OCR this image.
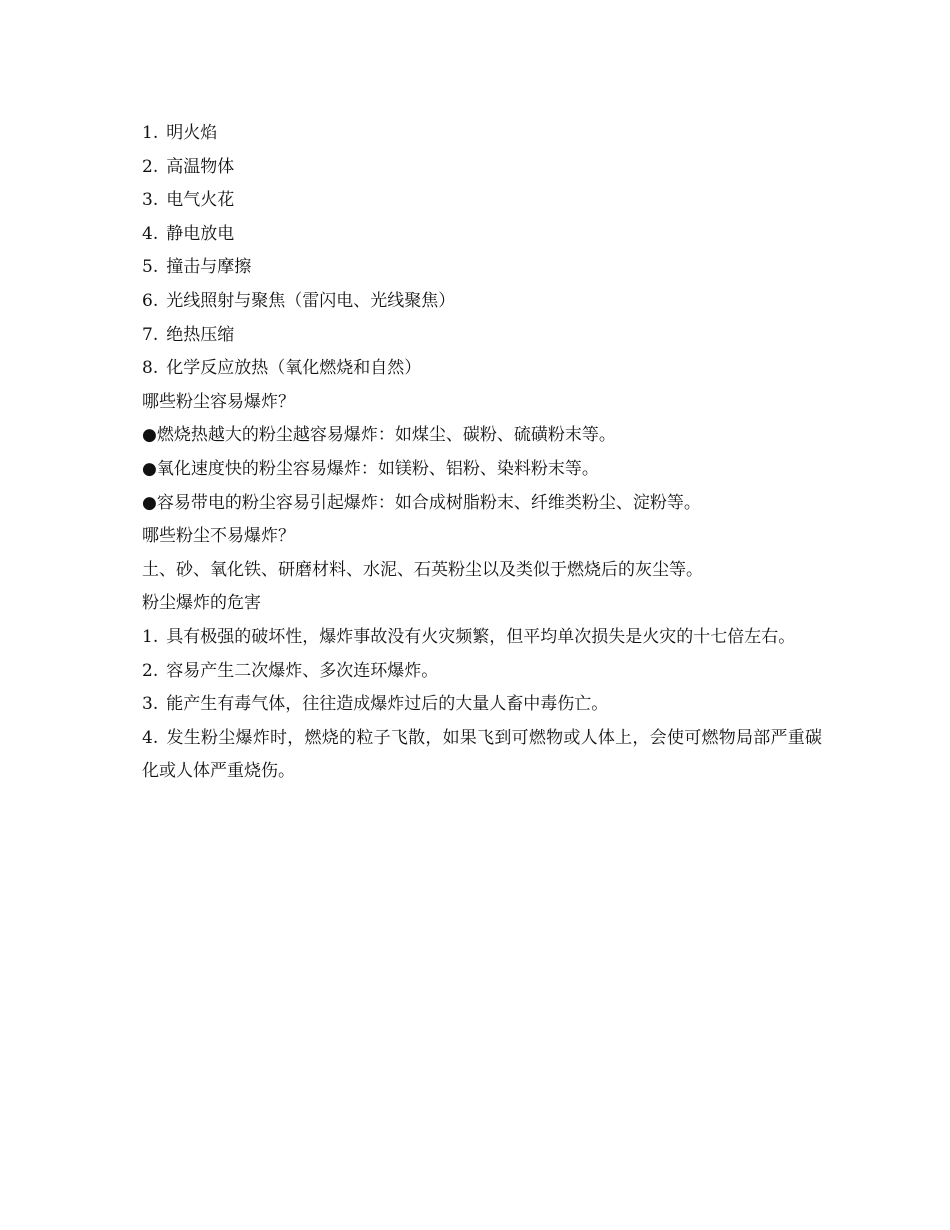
1. 明火焰
2. 高温物体
3. 电气火花
4. 静电放电
5. 撞击与摩擦
6. 光线照射与聚焦（雷闪电、光线聚焦）
7. 绝热压缩
8. 化学反应放热（氧化燃烧和自然）
哪些粉尘容易爆炸？
●燃烧热越大的粉尘越容易爆炸：如煤尘、碳粉、硫磺粉末等。
●氧化速度快的粉尘容易爆炸：如镁粉、铝粉、染料粉末等。
●容易带电的粉尘容易引起爆炸：如合成树脂粉末、纤维类粉尘、淀粉等。
哪些粉尘不易爆炸？
土、砂、氧化铁、研磨材料、水泥、石英粉尘以及类似于燃烧后的灰尘等。
粉尘爆炸的危害
1. 具有极强的破坏性，爆炸事故没有火灾频繁，但平均单次损失是火灾的十七倍左右。
2. 容易产生二次爆炸、多次连环爆炸。
3. 能产生有毒气体，往往造成爆炸过后的大量人畜中毒伤亡。
4. 发生粉尘爆炸时，燃烧的粒子飞散，如果飞到可燃物或人体上，会使可燃物局部严重碳化或人体严重烧伤。
